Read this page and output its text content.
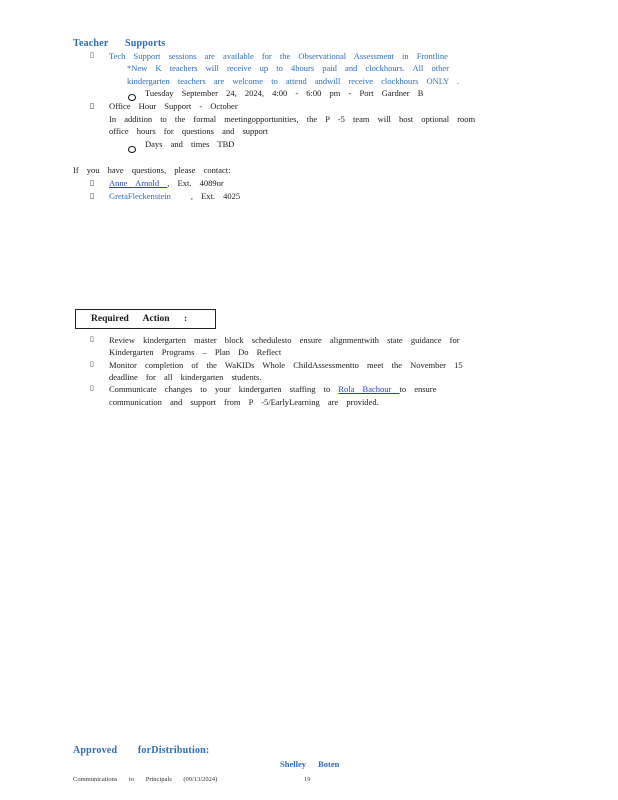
Teacher Supports
▯ Tech Support sessions are available for the Observational Assessment in Frontline
*New K teachers will receive up to 4hours paid and clockhours. All other
kindergarten teachers are welcome to attend andwill receive clockhours ONLY .
Tuesday September 24, 2024, 4:00 - 6:00 pm - Port Gardner B
▯ Office Hour Support - October
In addition to the formal meetingopportunities, the P -5 team will host optional room
office hours for questions and support
Days and times TBD
If you have questions, please contact:
▯ Anne Arnold , Ext. 4089or
▯ GretaFleckenstein , Ext. 4025
Required Action :
▯ Review kindergarten master block schedulesto ensure alignmentwith state guidance for
Kindergarten Programs – Plan Do Reflect
▯ Monitor completion of the WaKIDs Whole ChildAssessmentto meet the November 15
deadline for all kindergarten students.
▯ Communicate changes to your kindergarten staffing to Rola Bachour to ensure
communication and support from P -5/EarlyLearning are provided.
Approved forDistribution:
Shelley Boten
Communications to Principals (09/13/2024)	19
